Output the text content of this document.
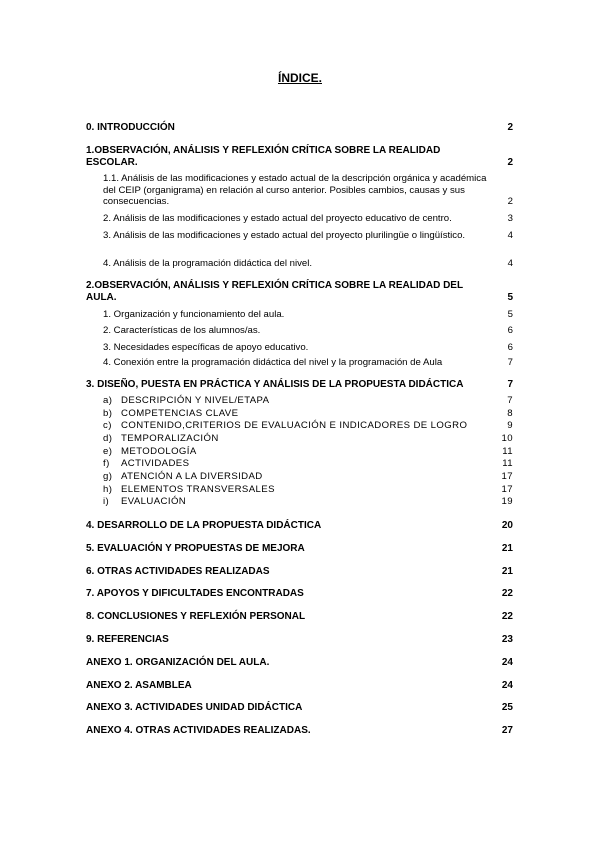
ÍNDICE.
0. INTRODUCCIÓN	2
1.OBSERVACIÓN, ANÁLISIS Y REFLEXIÓN CRÍTICA SOBRE LA REALIDAD ESCOLAR.	2
1.1. Análisis de las modificaciones y estado actual de la descripción orgánica y académica del CEIP (organigrama) en relación al curso anterior. Posibles cambios, causas y sus consecuencias.	2
2. Análisis de las modificaciones y estado actual del proyecto educativo de centro.	3
3. Análisis de las modificaciones y estado actual del proyecto plurilingüe o lingüístico.	4
4. Análisis de la programación didáctica del nivel.	4
2.OBSERVACIÓN, ANÁLISIS Y REFLEXIÓN CRÍTICA SOBRE LA REALIDAD DEL AULA.	5
1. Organización y funcionamiento del aula.	5
2. Características de los alumnos/as.	6
3. Necesidades específicas de apoyo educativo.	6
4. Conexión entre la programación didáctica del nivel y la programación de Aula	7
3. DISEÑO, PUESTA EN PRÁCTICA Y ANÁLISIS DE LA PROPUESTA DIDÁCTICA	7
a) DESCRIPCIÓN Y NIVEL/ETAPA	7
b) COMPETENCIAS CLAVE	8
c) CONTENIDO,CRITERIOS DE EVALUACIÓN E INDICADORES DE LOGRO	9
d) TEMPORALIZACIÓN	10
e) METODOLOGÍA	11
f)	ACTIVIDADES	11
g) ATENCIÓN A LA DIVERSIDAD	17
h) ELEMENTOS TRANSVERSALES	17
i)	EVALUACIÓN	19
4. DESARROLLO DE LA PROPUESTA DIDÁCTICA	20
5. EVALUACIÓN Y PROPUESTAS DE MEJORA	21
6. OTRAS ACTIVIDADES REALIZADAS	21
7. APOYOS Y DIFICULTADES ENCONTRADAS	22
8. CONCLUSIONES Y REFLEXIÓN PERSONAL	22
9. REFERENCIAS	23
ANEXO 1. ORGANIZACIÓN DEL AULA.	24
ANEXO 2. ASAMBLEA	24
ANEXO 3. ACTIVIDADES UNIDAD DIDÁCTICA	25
ANEXO 4. OTRAS ACTIVIDADES REALIZADAS.	27
